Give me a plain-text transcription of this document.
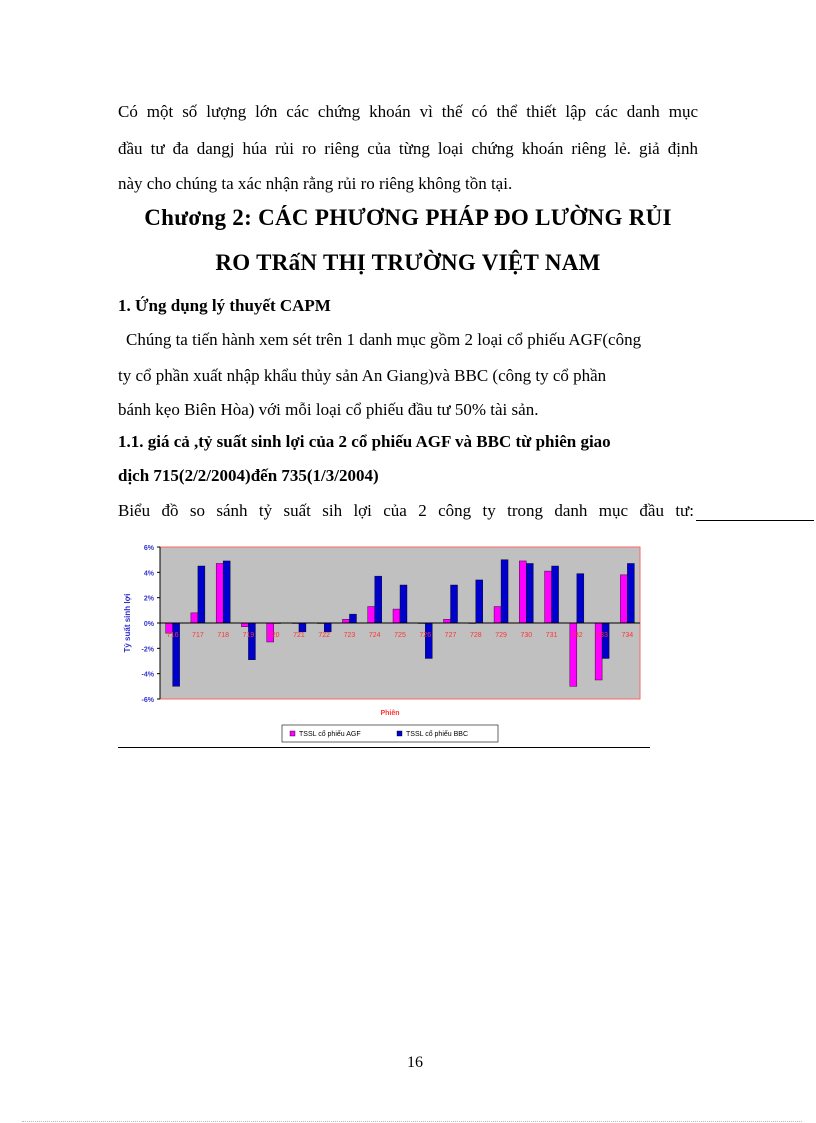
Có một số lượng lớn các chứng khoán vì thế có thể thiết lập các danh mục
đầu tư đa dangj húa rủi ro riêng của từng loại chứng khoán riêng lẻ. giả định
này cho chúng ta xác nhận rằng rủi ro riêng không tồn tại.
Chương 2: CÁC PHƯƠNG PHÁP ĐO LƯỜNG RỦI
RO TRấN THỊ TRƯỜNG VIỆT NAM
1. Ứng dụng lý thuyết CAPM
Chúng ta tiến hành xem sét trên 1 danh mục gồm 2 loại cổ phiếu AGF(công
ty cổ phần xuất nhập khẩu thủy sản An Giang)và BBC (công ty cổ phần
bánh kẹo Biên Hòa) với mỗi loại cổ phiếu đầu tư 50% tài sản.
1.1. giá cả ,tỷ suất sinh lợi của 2 cổ phiếu AGF và BBC từ phiên giao
dịch 715(2/2/2004)đến 735(1/3/2004)
Biểu đồ so sánh tỷ suất sih lợi của 2 công ty trong danh mục đầu tư:
6%
4%
2%
0%
-2%
-4%
-6%
716 717 718 719 720 721 722 723 724 725 726 727 728 729 730 731 732 733 734
Tỷ suất sinh lợi
Phiên
TSSL cổ phiếu AGF	TSSL cổ phiếu BBC
16
